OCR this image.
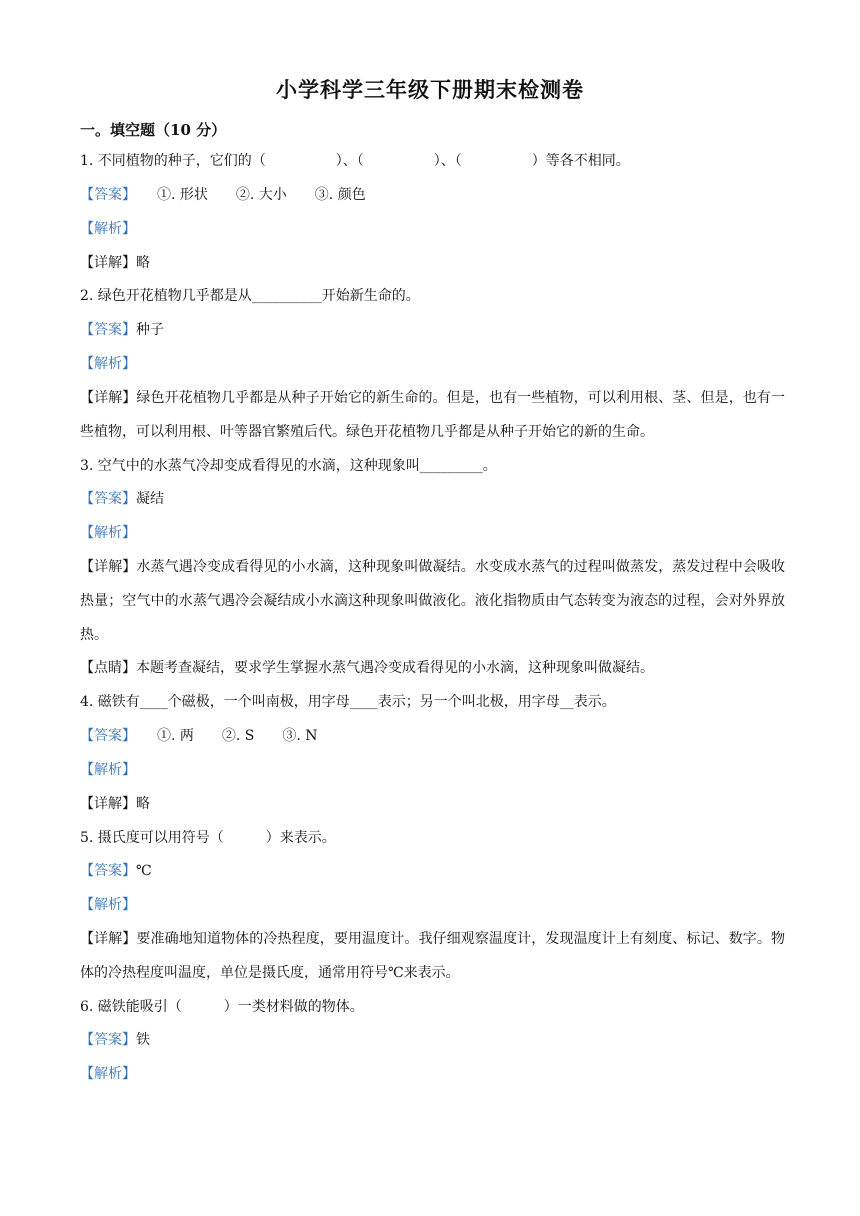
小学科学三年级下册期末检测卷
一。填空题（10 分）
1. 不同植物的种子，它们的（　　　　　）、（　　　　　）、（　　　　　）等各不相同。
【答案】　　①. 形状　　②. 大小　　③. 颜色
【解析】
【详解】略
2. 绿色开花植物几乎都是从__________开始新生命的。
【答案】种子
【解析】
【详解】绿色开花植物几乎都是从种子开始它的新生命的。但是，也有一些植物，可以利用根、茎、但是，也有一些植物，可以利用根、叶等器官繁殖后代。绿色开花植物几乎都是从种子开始它的新的生命。
3. 空气中的水蒸气冷却变成看得见的水滴，这种现象叫_________。
【答案】凝结
【解析】
【详解】水蒸气遇冷变成看得见的小水滴，这种现象叫做凝结。水变成水蒸气的过程叫做蒸发，蒸发过程中会吸收热量；空气中的水蒸气遇冷会凝结成小水滴这种现象叫做液化。液化指物质由气态转变为液态的过程，会对外界放热。
【点睛】本题考查凝结，要求学生掌握水蒸气遇冷变成看得见的小水滴，这种现象叫做凝结。
4. 磁铁有____个磁极，一个叫南极，用字母____表示；另一个叫北极，用字母__表示。
【答案】　　①. 两　　②. S　　③. N
【解析】
【详解】略
5. 摄氏度可以用符号（　　　）来表示。
【答案】℃
【解析】
【详解】要准确地知道物体的冷热程度，要用温度计。我仔细观察温度计，发现温度计上有刻度、标记、数字。物体的冷热程度叫温度，单位是摄氏度，通常用符号℃来表示。
6. 磁铁能吸引（　　　）一类材料做的物体。
【答案】铁
【解析】
